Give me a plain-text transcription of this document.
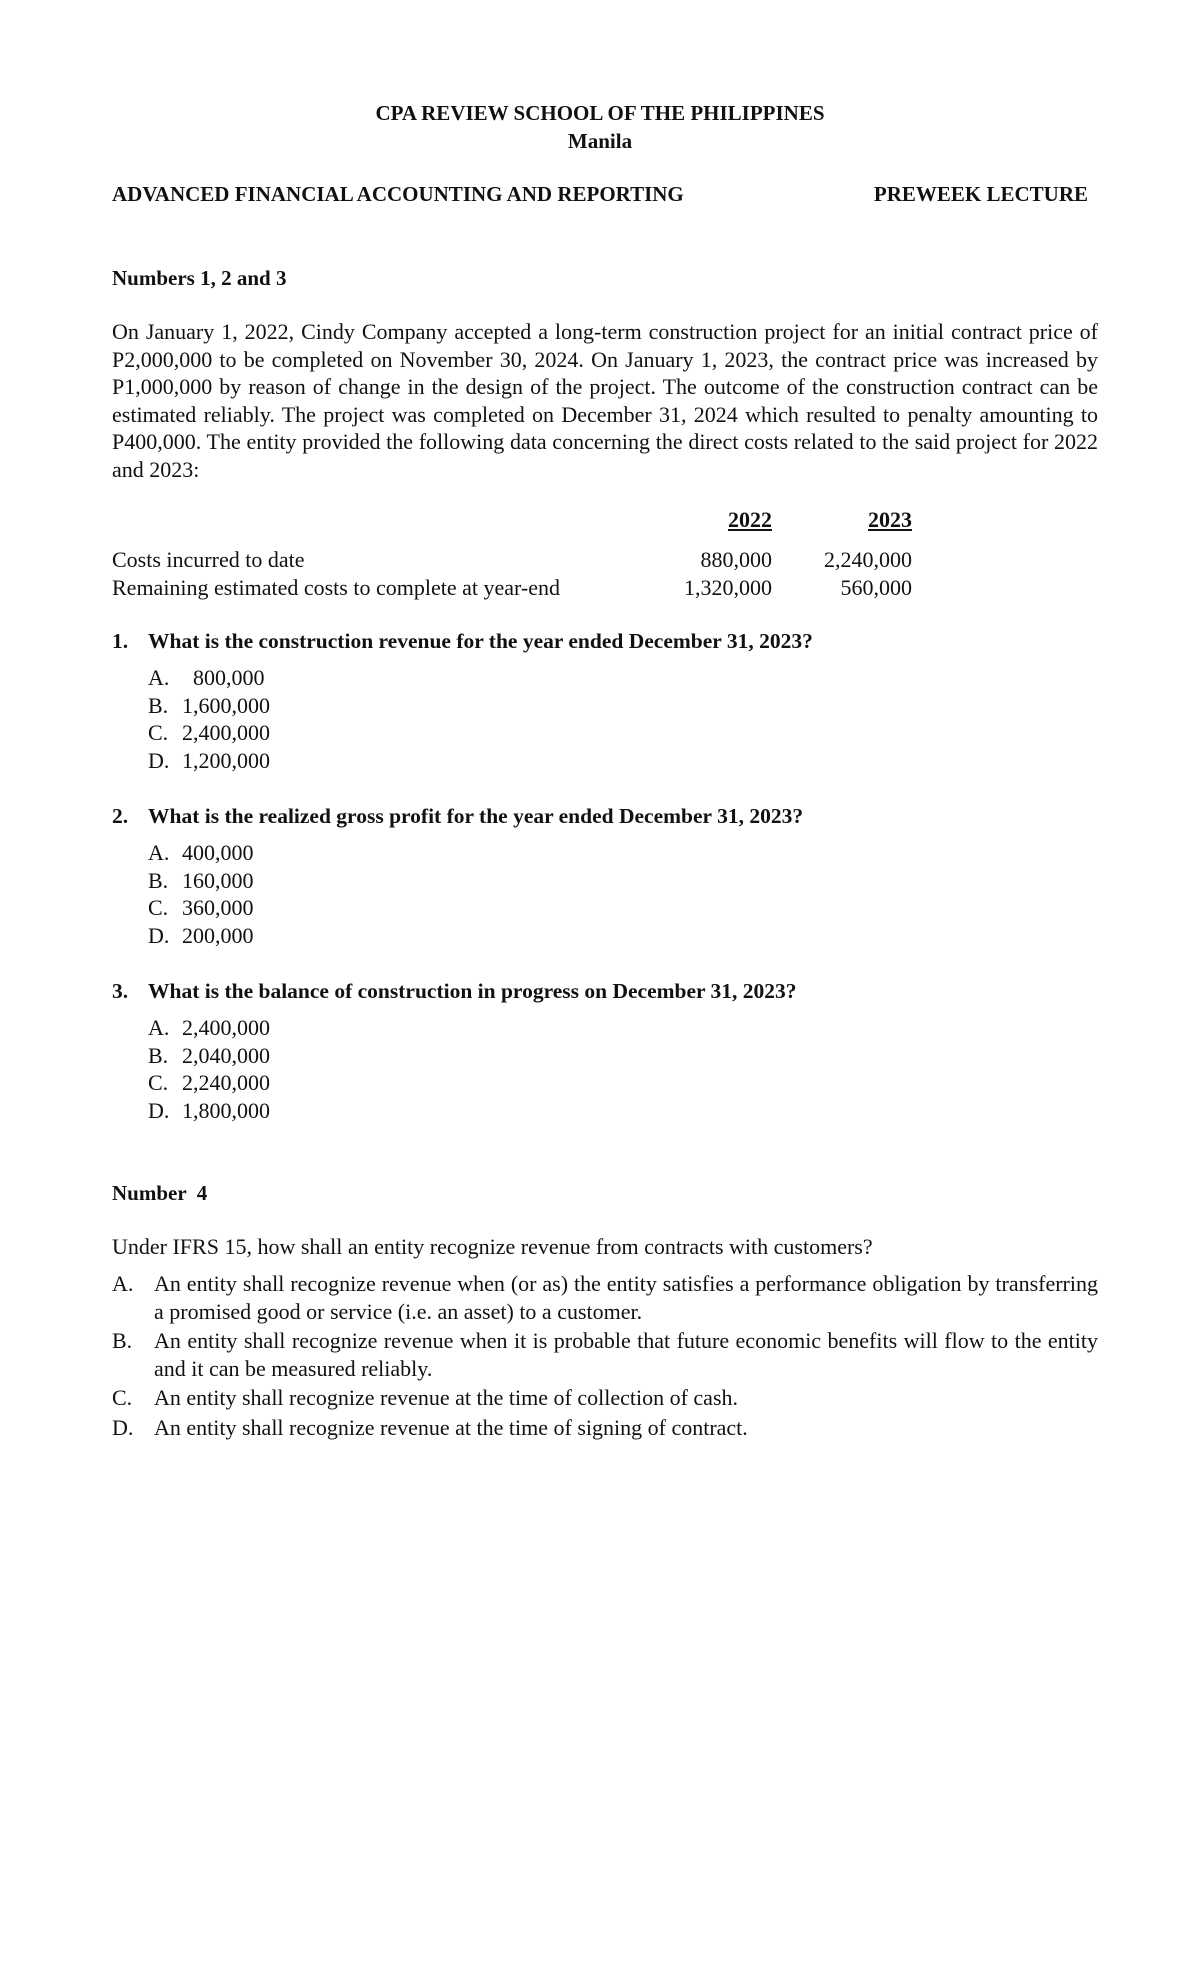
CPA REVIEW SCHOOL OF THE PHILIPPINES
Manila
ADVANCED FINANCIAL ACCOUNTING AND REPORTING	PREWEEK LECTURE
Numbers 1, 2 and 3
On January 1, 2022, Cindy Company accepted a long-term construction project for an initial contract price of P2,000,000 to be completed on November 30, 2024. On January 1, 2023, the contract price was increased by P1,000,000 by reason of change in the design of the project. The outcome of the construction contract can be estimated reliably. The project was completed on December 31, 2024 which resulted to penalty amounting to P400,000. The entity provided the following data concerning the direct costs related to the said project for 2022 and 2023:
2022	2023
Costs incurred to date	880,000 2,240,000
Remaining estimated costs to complete at year-end	1,320,000	560,000
1. What is the construction revenue for the year ended December 31, 2023?
A.  800,000
B. 1,600,000
C. 2,400,000
D. 1,200,000
2. What is the realized gross profit for the year ended December 31, 2023?
A. 400,000
B. 160,000
C. 360,000
D. 200,000
3. What is the balance of construction in progress on December 31, 2023?
A. 2,400,000
B. 2,040,000
C. 2,240,000
D. 1,800,000
Number  4
Under IFRS 15, how shall an entity recognize revenue from contracts with customers?
A. An entity shall recognize revenue when (or as) the entity satisfies a performance obligation by transferring a promised good or service (i.e. an asset) to a customer.
B. An entity shall recognize revenue when it is probable that future economic benefits will flow to the entity and it can be measured reliably.
C. An entity shall recognize revenue at the time of collection of cash.
D. An entity shall recognize revenue at the time of signing of contract.
